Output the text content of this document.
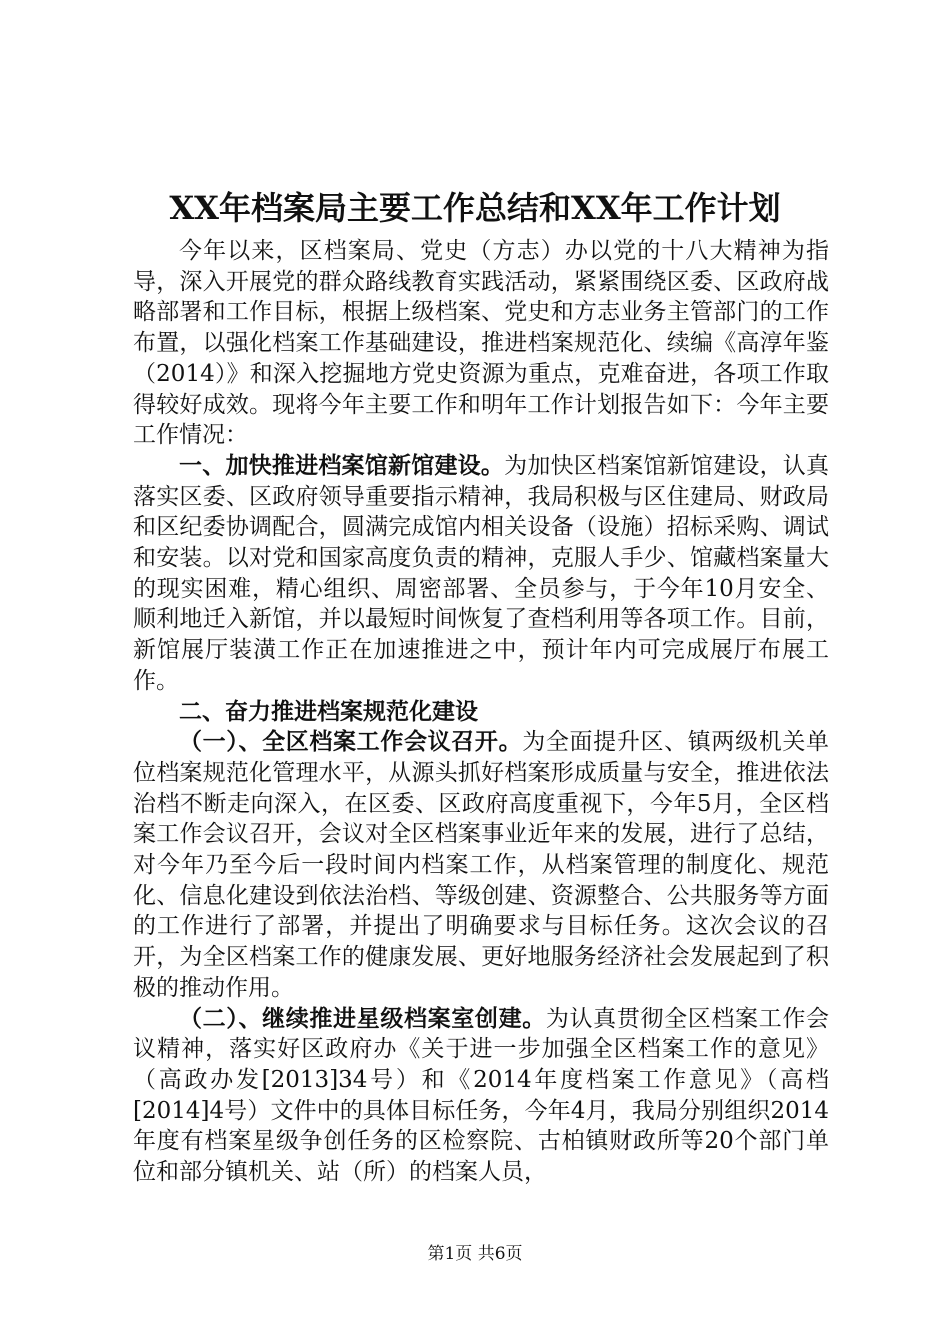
XX年档案局主要工作总结和XX年工作计划

今年以来，区档案局、党史（方志）办以党的十八大精神为指导，深入开展党的群众路线教育实践活动，紧紧围绕区委、区政府战略部署和工作目标，根据上级档案、党史和方志业务主管部门的工作布置，以强化档案工作基础建设，推进档案规范化、续编《高淳年鉴（2014）》和深入挖掘地方党史资源为重点，克难奋进，各项工作取得较好成效。现将今年主要工作和明年工作计划报告如下：今年主要工作情况：

一、加快推进档案馆新馆建设。为加快区档案馆新馆建设，认真落实区委、区政府领导重要指示精神，我局积极与区住建局、财政局和区纪委协调配合，圆满完成馆内相关设备（设施）招标采购、调试和安装。以对党和国家高度负责的精神，克服人手少、馆藏档案量大的现实困难，精心组织、周密部署、全员参与，于今年10月安全、顺利地迁入新馆，并以最短时间恢复了查档利用等各项工作。目前，新馆展厅装潢工作正在加速推进之中，预计年内可完成展厅布展工作。

二、奋力推进档案规范化建设

（一）、全区档案工作会议召开。为全面提升区、镇两级机关单位档案规范化管理水平，从源头抓好档案形成质量与安全，推进依法治档不断走向深入，在区委、区政府高度重视下，今年5月，全区档案工作会议召开，会议对全区档案事业近年来的发展，进行了总结，对今年乃至今后一段时间内档案工作，从档案管理的制度化、规范化、信息化建设到依法治档、等级创建、资源整合、公共服务等方面的工作进行了部署，并提出了明确要求与目标任务。这次会议的召开，为全区档案工作的健康发展、更好地服务经济社会发展起到了积极的推动作用。

（二）、继续推进星级档案室创建。为认真贯彻全区档案工作会议精神，落实好区政府办《关于进一步加强全区档案工作的意见》（高政办发[2013]34号）和《2014年度档案工作意见》（高档[2014]4号）文件中的具体目标任务，今年4月，我局分别组织2014年度有档案星级争创任务的区检察院、古柏镇财政所等20个部门单位和部分镇机关、站（所）的档案人员，

第1页 共6页
